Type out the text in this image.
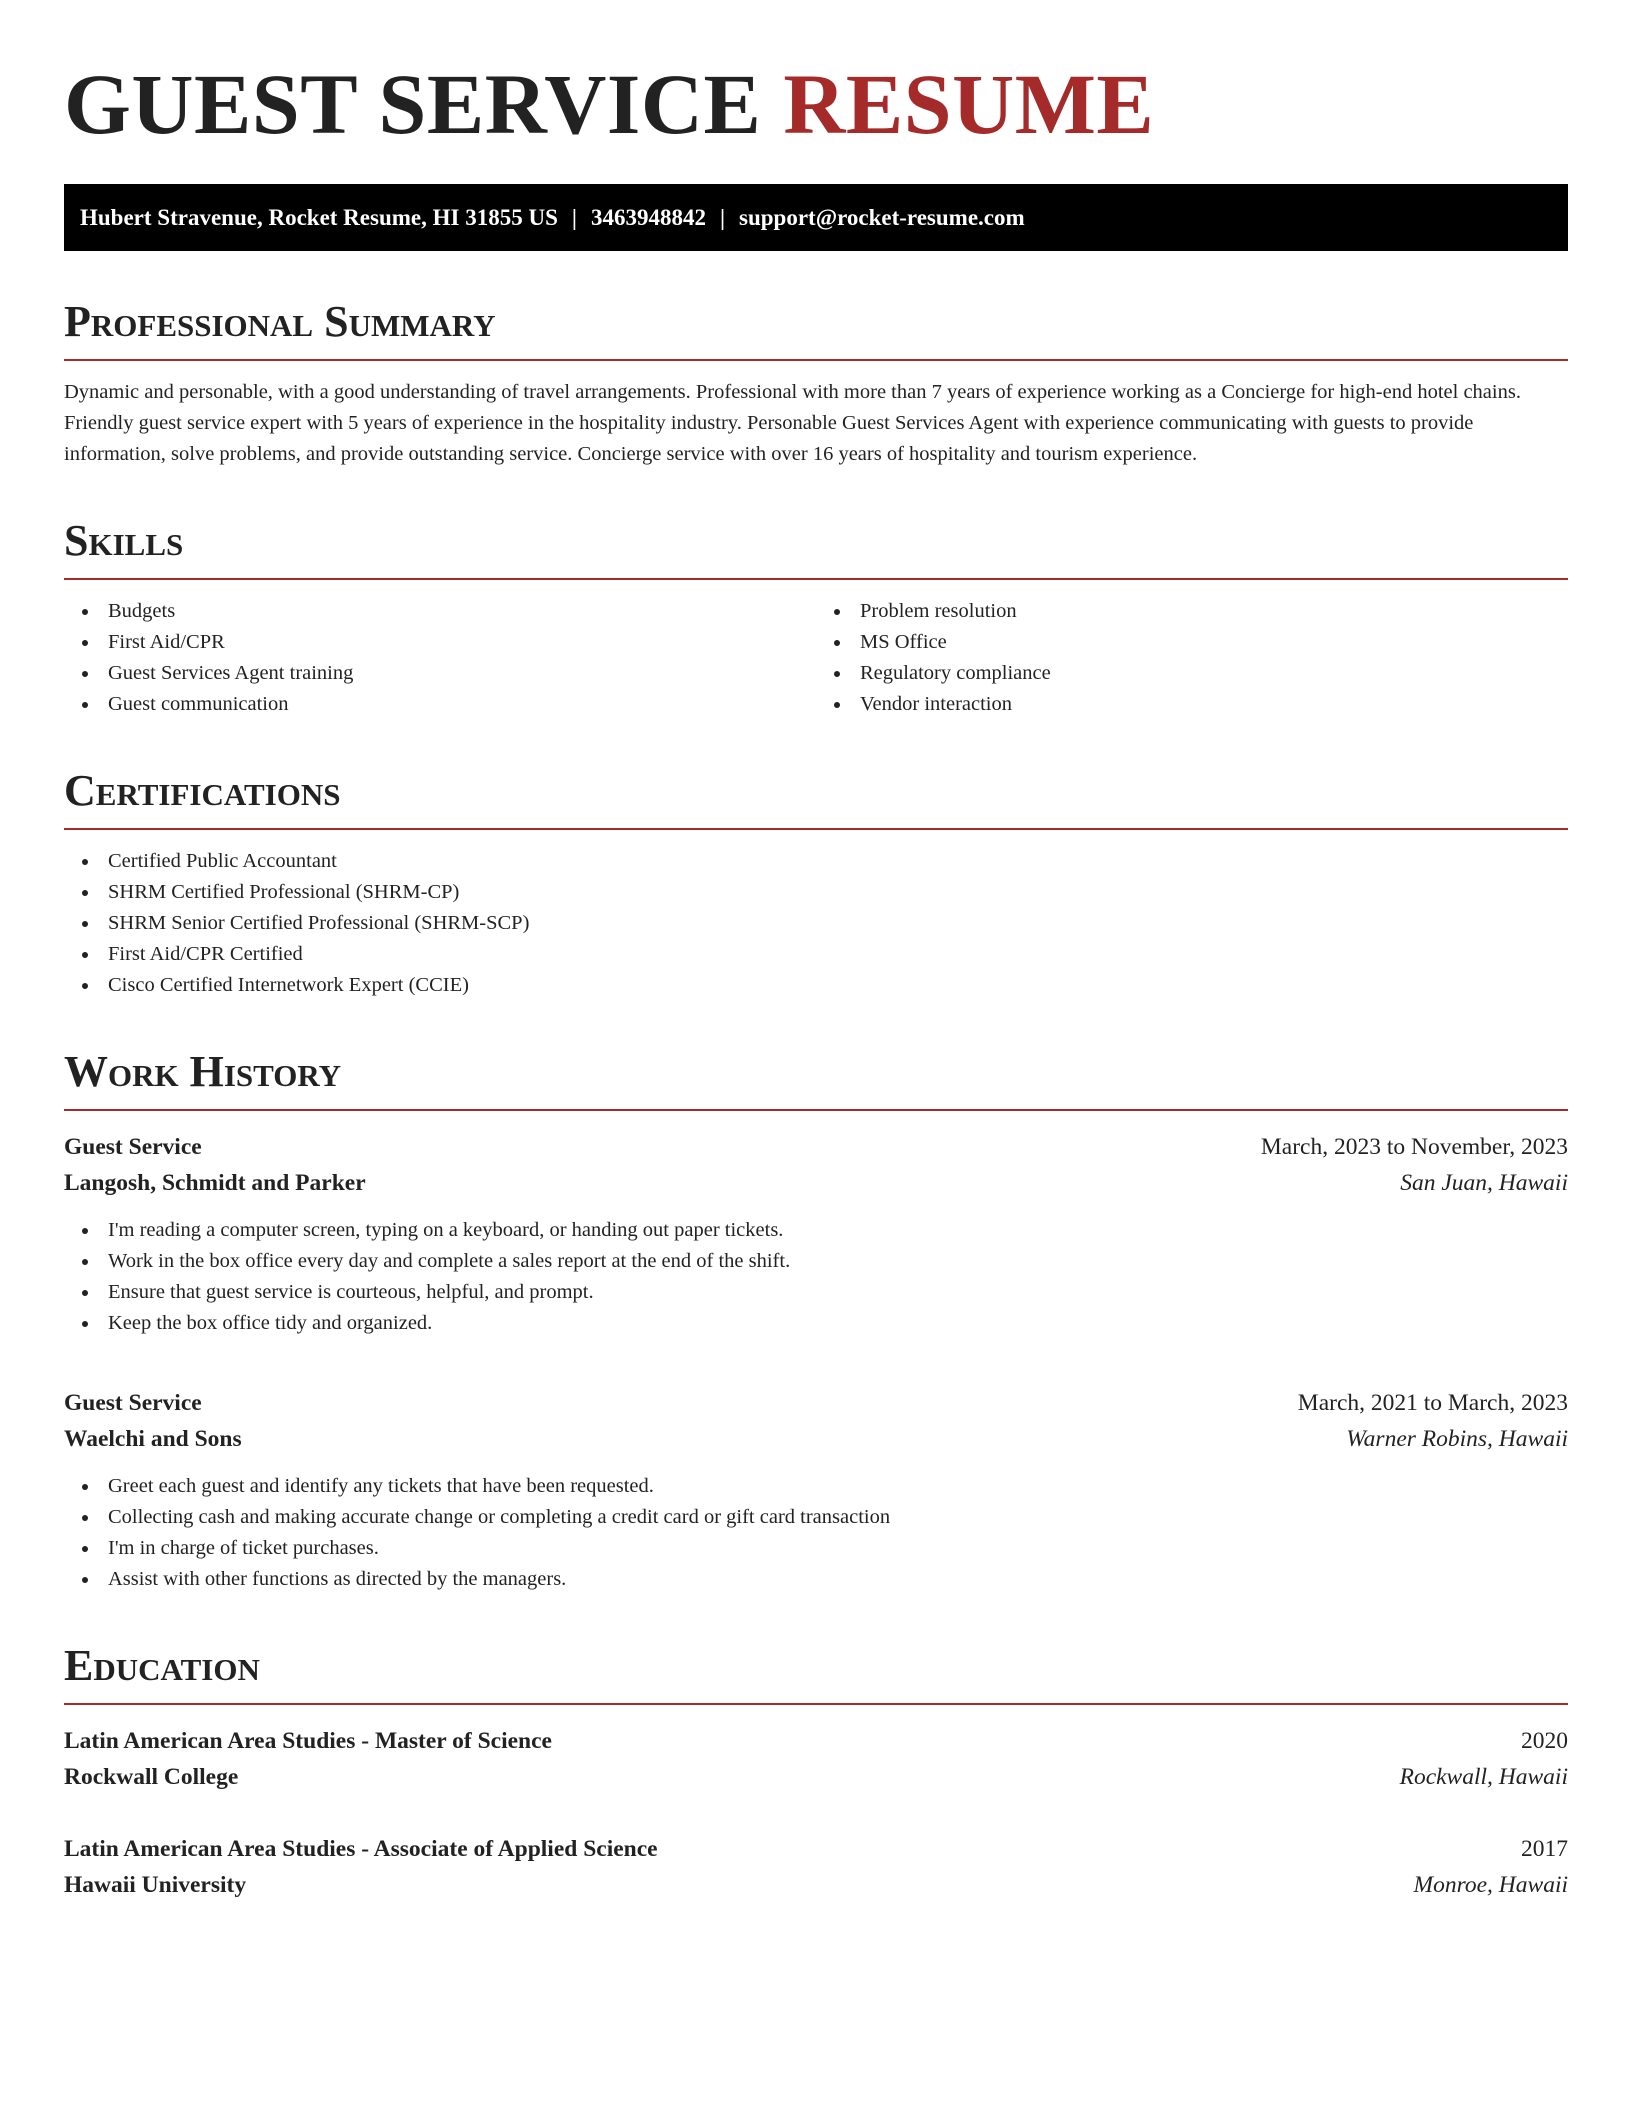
GUEST SERVICE RESUME
Hubert Stravenue, Rocket Resume, HI 31855 US | 3463948842 | support@rocket-resume.com
Professional Summary

Dynamic and personable, with a good understanding of travel arrangements. Professional with more than 7 years of experience working as a Concierge for high-end hotel chains. Friendly guest service expert with 5 years of experience in the hospitality industry. Personable Guest Services Agent with experience communicating with guests to provide information, solve problems, and provide outstanding service. Concierge service with over 16 years of hospitality and tourism experience.

Skills
Budgets
First Aid/CPR
Guest Services Agent training
Guest communication
Problem resolution
MS Office
Regulatory compliance
Vendor interaction
Certifications
Certified Public Accountant
SHRM Certified Professional (SHRM-CP)
SHRM Senior Certified Professional (SHRM-SCP)
First Aid/CPR Certified
Cisco Certified Internetwork Expert (CCIE)
Work History
Guest Service	March, 2023 to November, 2023
Langosh, Schmidt and Parker	San Juan, Hawaii
I'm reading a computer screen, typing on a keyboard, or handing out paper tickets.
Work in the box office every day and complete a sales report at the end of the shift.
Ensure that guest service is courteous, helpful, and prompt.
Keep the box office tidy and organized.
Guest Service	March, 2021 to March, 2023
Waelchi and Sons	Warner Robins, Hawaii
Greet each guest and identify any tickets that have been requested.
Collecting cash and making accurate change or completing a credit card or gift card transaction
I'm in charge of ticket purchases.
Assist with other functions as directed by the managers.
Education
Latin American Area Studies - Master of Science	2020
Rockwall College	Rockwall, Hawaii
Latin American Area Studies - Associate of Applied Science	2017
Hawaii University	Monroe, Hawaii
